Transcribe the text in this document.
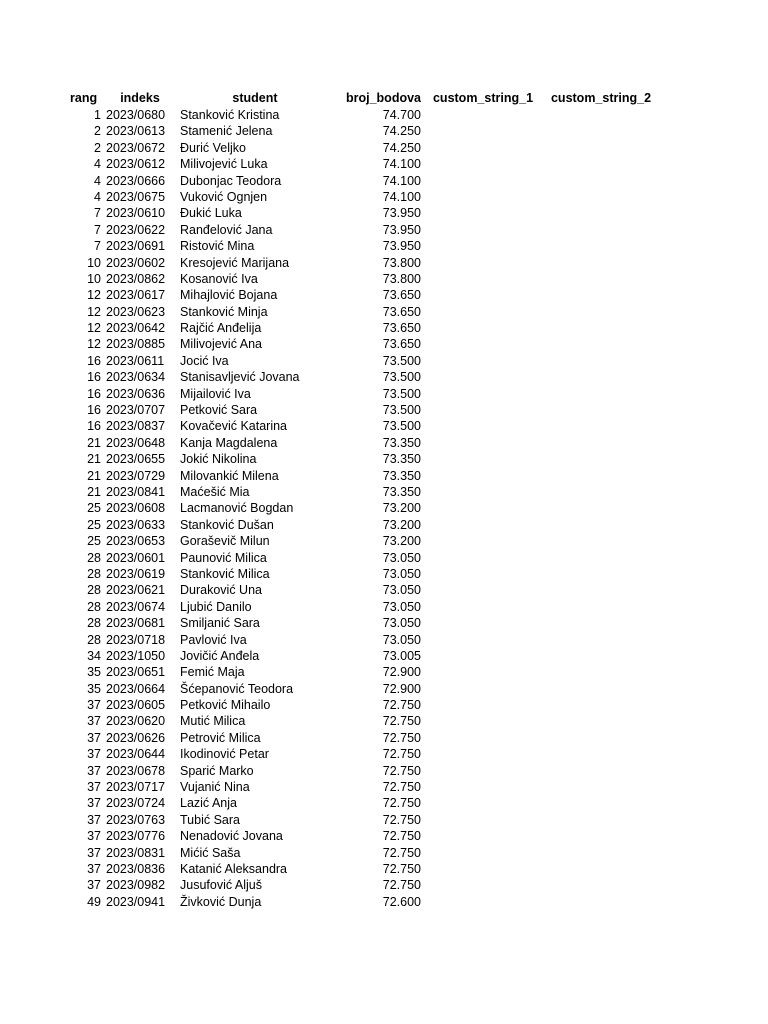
rang	indeks	student	broj_bodova custom_string_1	custom_string_2
1 2023/0680	Stanković Kristina	74.700
2 2023/0613	Stamenić Jelena	74.250
2 2023/0672	Đurić Veljko	74.250
4 2023/0612	Milivojević Luka	74.100
4 2023/0666	Dubonjac Teodora	74.100
4 2023/0675	Vuković Ognjen	74.100
7 2023/0610	Đukić Luka	73.950
7 2023/0622	Ranđelović Jana	73.950
7 2023/0691	Ristović Mina	73.950
10 2023/0602	Kresojević Marijana	73.800
10 2023/0862	Kosanović Iva	73.800
12 2023/0617	Mihajlović Bojana	73.650
12 2023/0623	Stanković Minja	73.650
12 2023/0642	Rajčić Anđelija	73.650
12 2023/0885	Milivojević Ana	73.650
16 2023/0611	Jocić Iva	73.500
16 2023/0634	Stanisavljević Jovana	73.500
16 2023/0636	Mijailović Iva	73.500
16 2023/0707	Petković Sara	73.500
16 2023/0837	Kovačević Katarina	73.500
21 2023/0648	Kanja Magdalena	73.350
21 2023/0655	Jokić Nikolina	73.350
21 2023/0729	Milovankić Milena	73.350
21 2023/0841	Maćešić Mia	73.350
25 2023/0608	Lacmanović Bogdan	73.200
25 2023/0633	Stanković Dušan	73.200
25 2023/0653	Goraševič Milun	73.200
28 2023/0601	Paunović Milica	73.050
28 2023/0619	Stanković Milica	73.050
28 2023/0621	Duraković Una	73.050
28 2023/0674	Ljubić Danilo	73.050
28 2023/0681	Smiljanić Sara	73.050
28 2023/0718	Pavlović Iva	73.050
34 2023/1050	Jovičić Anđela	73.005
35 2023/0651	Femić Maja	72.900
35 2023/0664	Šćepanović Teodora	72.900
37 2023/0605	Petković Mihailo	72.750
37 2023/0620	Mutić Milica	72.750
37 2023/0626	Petrović Milica	72.750
37 2023/0644	Ikodinović Petar	72.750
37 2023/0678	Sparić Marko	72.750
37 2023/0717	Vujanić Nina	72.750
37 2023/0724	Lazić Anja	72.750
37 2023/0763	Tubić Sara	72.750
37 2023/0776	Nenadović Jovana	72.750
37 2023/0831	Mićić Saša	72.750
37 2023/0836	Katanić Aleksandra	72.750
37 2023/0982	Jusufović Aljuš	72.750
49 2023/0941	Živković Dunja	72.600
